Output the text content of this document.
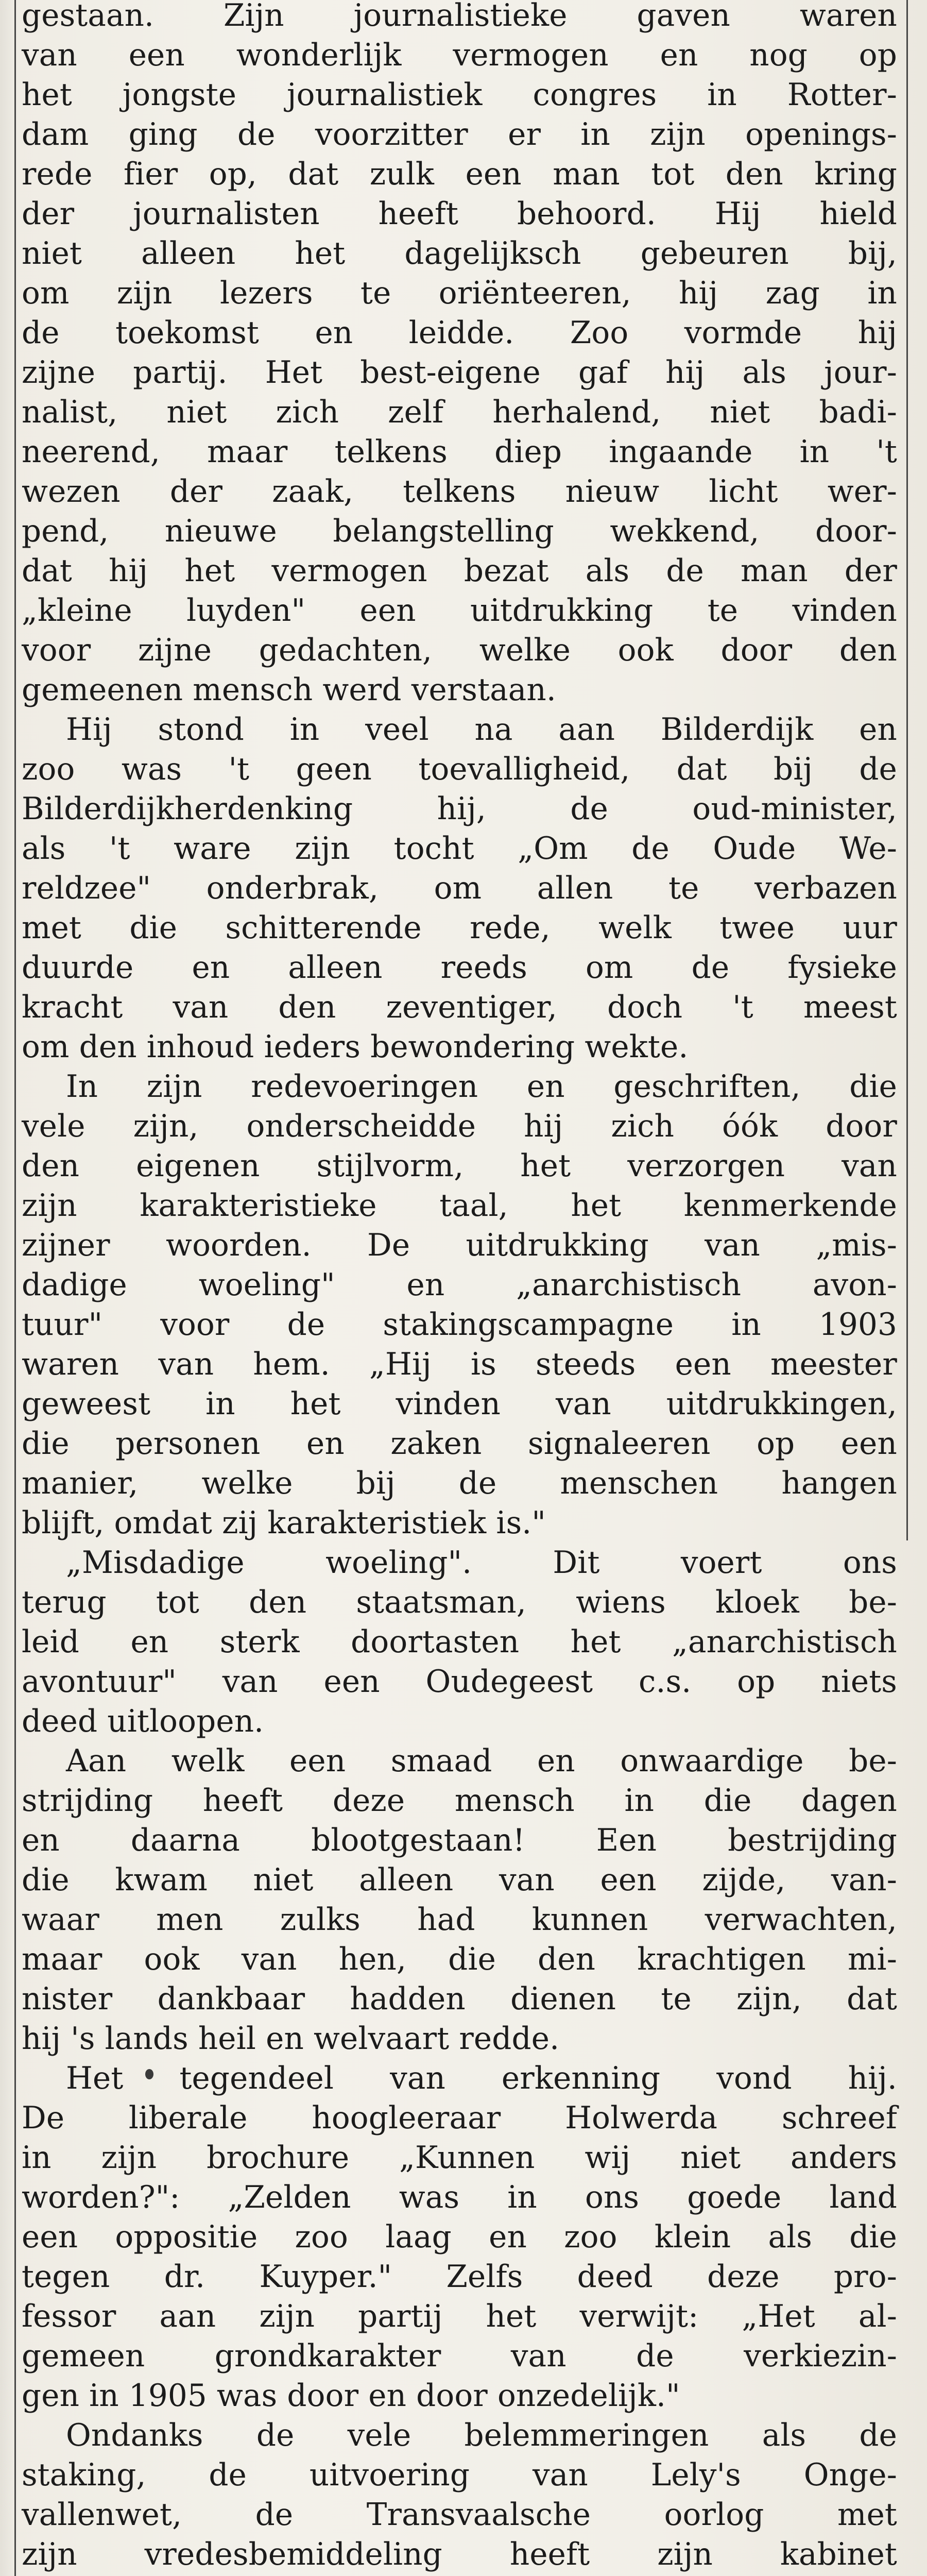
gestaan. Zijn journalistieke gaven waren
van een wonderlijk vermogen en nog op
het jongste journalistiek congres in Rotter-
dam ging de voorzitter er in zijn openings-
rede fier op, dat zulk een man tot den kring
der journalisten heeft behoord. Hij hield
niet alleen het dagelijksch gebeuren bij,
om zijn lezers te oriënteeren, hij zag in
de toekomst en leidde. Zoo vormde hij
zijne partij. Het best-eigene gaf hij als jour-
nalist, niet zich zelf herhalend, niet badi-
neerend, maar telkens diep ingaande in 't
wezen der zaak, telkens nieuw licht wer-
pend, nieuwe belangstelling wekkend, door-
dat hij het vermogen bezat als de man der
„kleine luyden" een uitdrukking te vinden
voor zijne gedachten, welke ook door den
gemeenen mensch werd verstaan.
Hij stond in veel na aan Bilderdijk en
zoo was 't geen toevalligheid, dat bij de
Bilderdijkherdenking hij, de oud-minister,
als 't ware zijn tocht „Om de Oude We-
reldzee" onderbrak, om allen te verbazen
met die schitterende rede, welk twee uur
duurde en alleen reeds om de fysieke
kracht van den zeventiger, doch 't meest
om den inhoud ieders bewondering wekte.
In zijn redevoeringen en geschriften, die
vele zijn, onderscheidde hij zich óók door
den eigenen stijlvorm, het verzorgen van
zijn karakteristieke taal, het kenmerkende
zijner woorden. De uitdrukking van „mis-
dadige woeling" en „anarchistisch avon-
tuur" voor de stakingscampagne in 1903
waren van hem. „Hij is steeds een meester
geweest in het vinden van uitdrukkingen,
die personen en zaken signaleeren op een
manier, welke bij de menschen hangen
blijft, omdat zij karakteristiek is."
„Misdadige woeling". Dit voert ons
terug tot den staatsman, wiens kloek be-
leid en sterk doortasten het „anarchistisch
avontuur" van een Oudegeest c.s. op niets
deed uitloopen.
Aan welk een smaad en onwaardige be-
strijding heeft deze mensch in die dagen
en daarna blootgestaan! Een bestrijding
die kwam niet alleen van een zijde, van-
waar men zulks had kunnen verwachten,
maar ook van hen, die den krachtigen mi-
nister dankbaar hadden dienen te zijn, dat
hij 's lands heil en welvaart redde.
Het tegendeel van erkenning vond hij.
De liberale hoogleeraar Holwerda schreef
in zijn brochure „Kunnen wij niet anders
worden?": „Zelden was in ons goede land
een oppositie zoo laag en zoo klein als die
tegen dr. Kuyper." Zelfs deed deze pro-
fessor aan zijn partij het verwijt: „Het al-
gemeen grondkarakter van de verkiezin-
gen in 1905 was door en door onzedelijk."
Ondanks de vele belemmeringen als de
staking, de uitvoering van Lely's Onge-
vallenwet, de Transvaalsche oorlog met
zijn vredesbemiddeling heeft zijn kabinet
